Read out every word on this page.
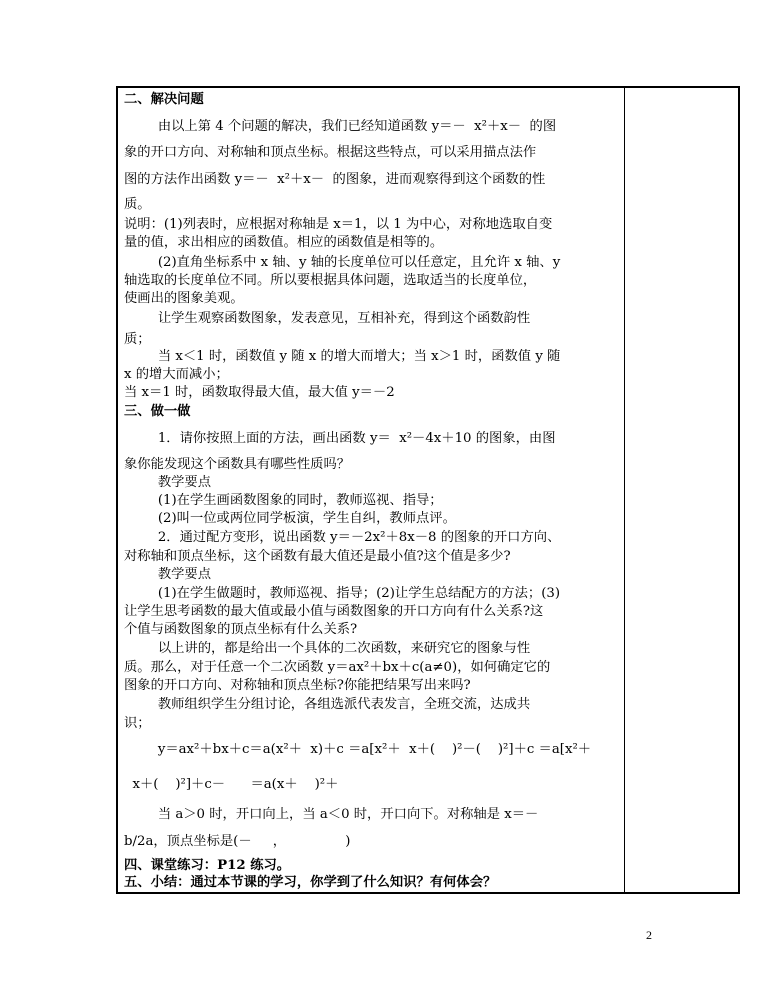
二、解决问题
由以上第 4 个问题的解决，我们已经知道函数 y＝－  x²＋x－  的图
象的开口方向、对称轴和顶点坐标。根据这些特点，可以采用描点法作
图的方法作出函数 y＝－  x²＋x－  的图象，进而观察得到这个函数的性
质。
说明：(1)列表时，应根据对称轴是 x＝1，以 1 为中心，对称地选取自变
量的值，求出相应的函数值。相应的函数值是相等的。
(2)直角坐标系中 x 轴、y 轴的长度单位可以任意定，且允许 x 轴、y
轴选取的长度单位不同。所以要根据具体问题，选取适当的长度单位，
使画出的图象美观。
让学生观察函数图象，发表意见，互相补充，得到这个函数韵性
质；
当 x＜1 时，函数值 y 随 x 的增大而增大；当 x＞1 时，函数值 y 随
x 的增大而减小；
当 x＝1 时，函数取得最大值，最大值 y＝－2
三、做一做
1．请你按照上面的方法，画出函数 y＝  x²－4x＋10 的图象，由图
象你能发现这个函数具有哪些性质吗？
教学要点
(1)在学生画函数图象的同时，教师巡视、指导；
(2)叫一位或两位同学板演，学生自纠，教师点评。
2．通过配方变形，说出函数 y＝－2x²＋8x－8 的图象的开口方向、
对称轴和顶点坐标，这个函数有最大值还是最小值?这个值是多少?
教学要点
(1)在学生做题时，教师巡视、指导；(2)让学生总结配方的方法；(3)
让学生思考函数的最大值或最小值与函数图象的开口方向有什么关系?这
个值与函数图象的顶点坐标有什么关系?
以上讲的，都是给出一个具体的二次函数，来研究它的图象与性
质。那么，对于任意一个二次函数 y＝ax²＋bx＋c(a≠0)，如何确定它的
图象的开口方向、对称轴和顶点坐标?你能把结果写出来吗?
教师组织学生分组讨论，各组选派代表发言，全班交流，达成共
识；
y＝ax²＋bx＋c＝a(x²＋  x)＋c ＝a[x²＋  x＋(    )²－(    )²]＋c ＝a[x²＋
x＋(    )²]＋c－      ＝a(x＋    )²＋
当 a＞0 时，开口向上，当 a＜0 时，开口向下。对称轴是 x＝－
b/2a，顶点坐标是(－     ，              )
四、课堂练习：P12 练习。
五、小结：通过本节课的学习，你学到了什么知识？有何体会？
2
